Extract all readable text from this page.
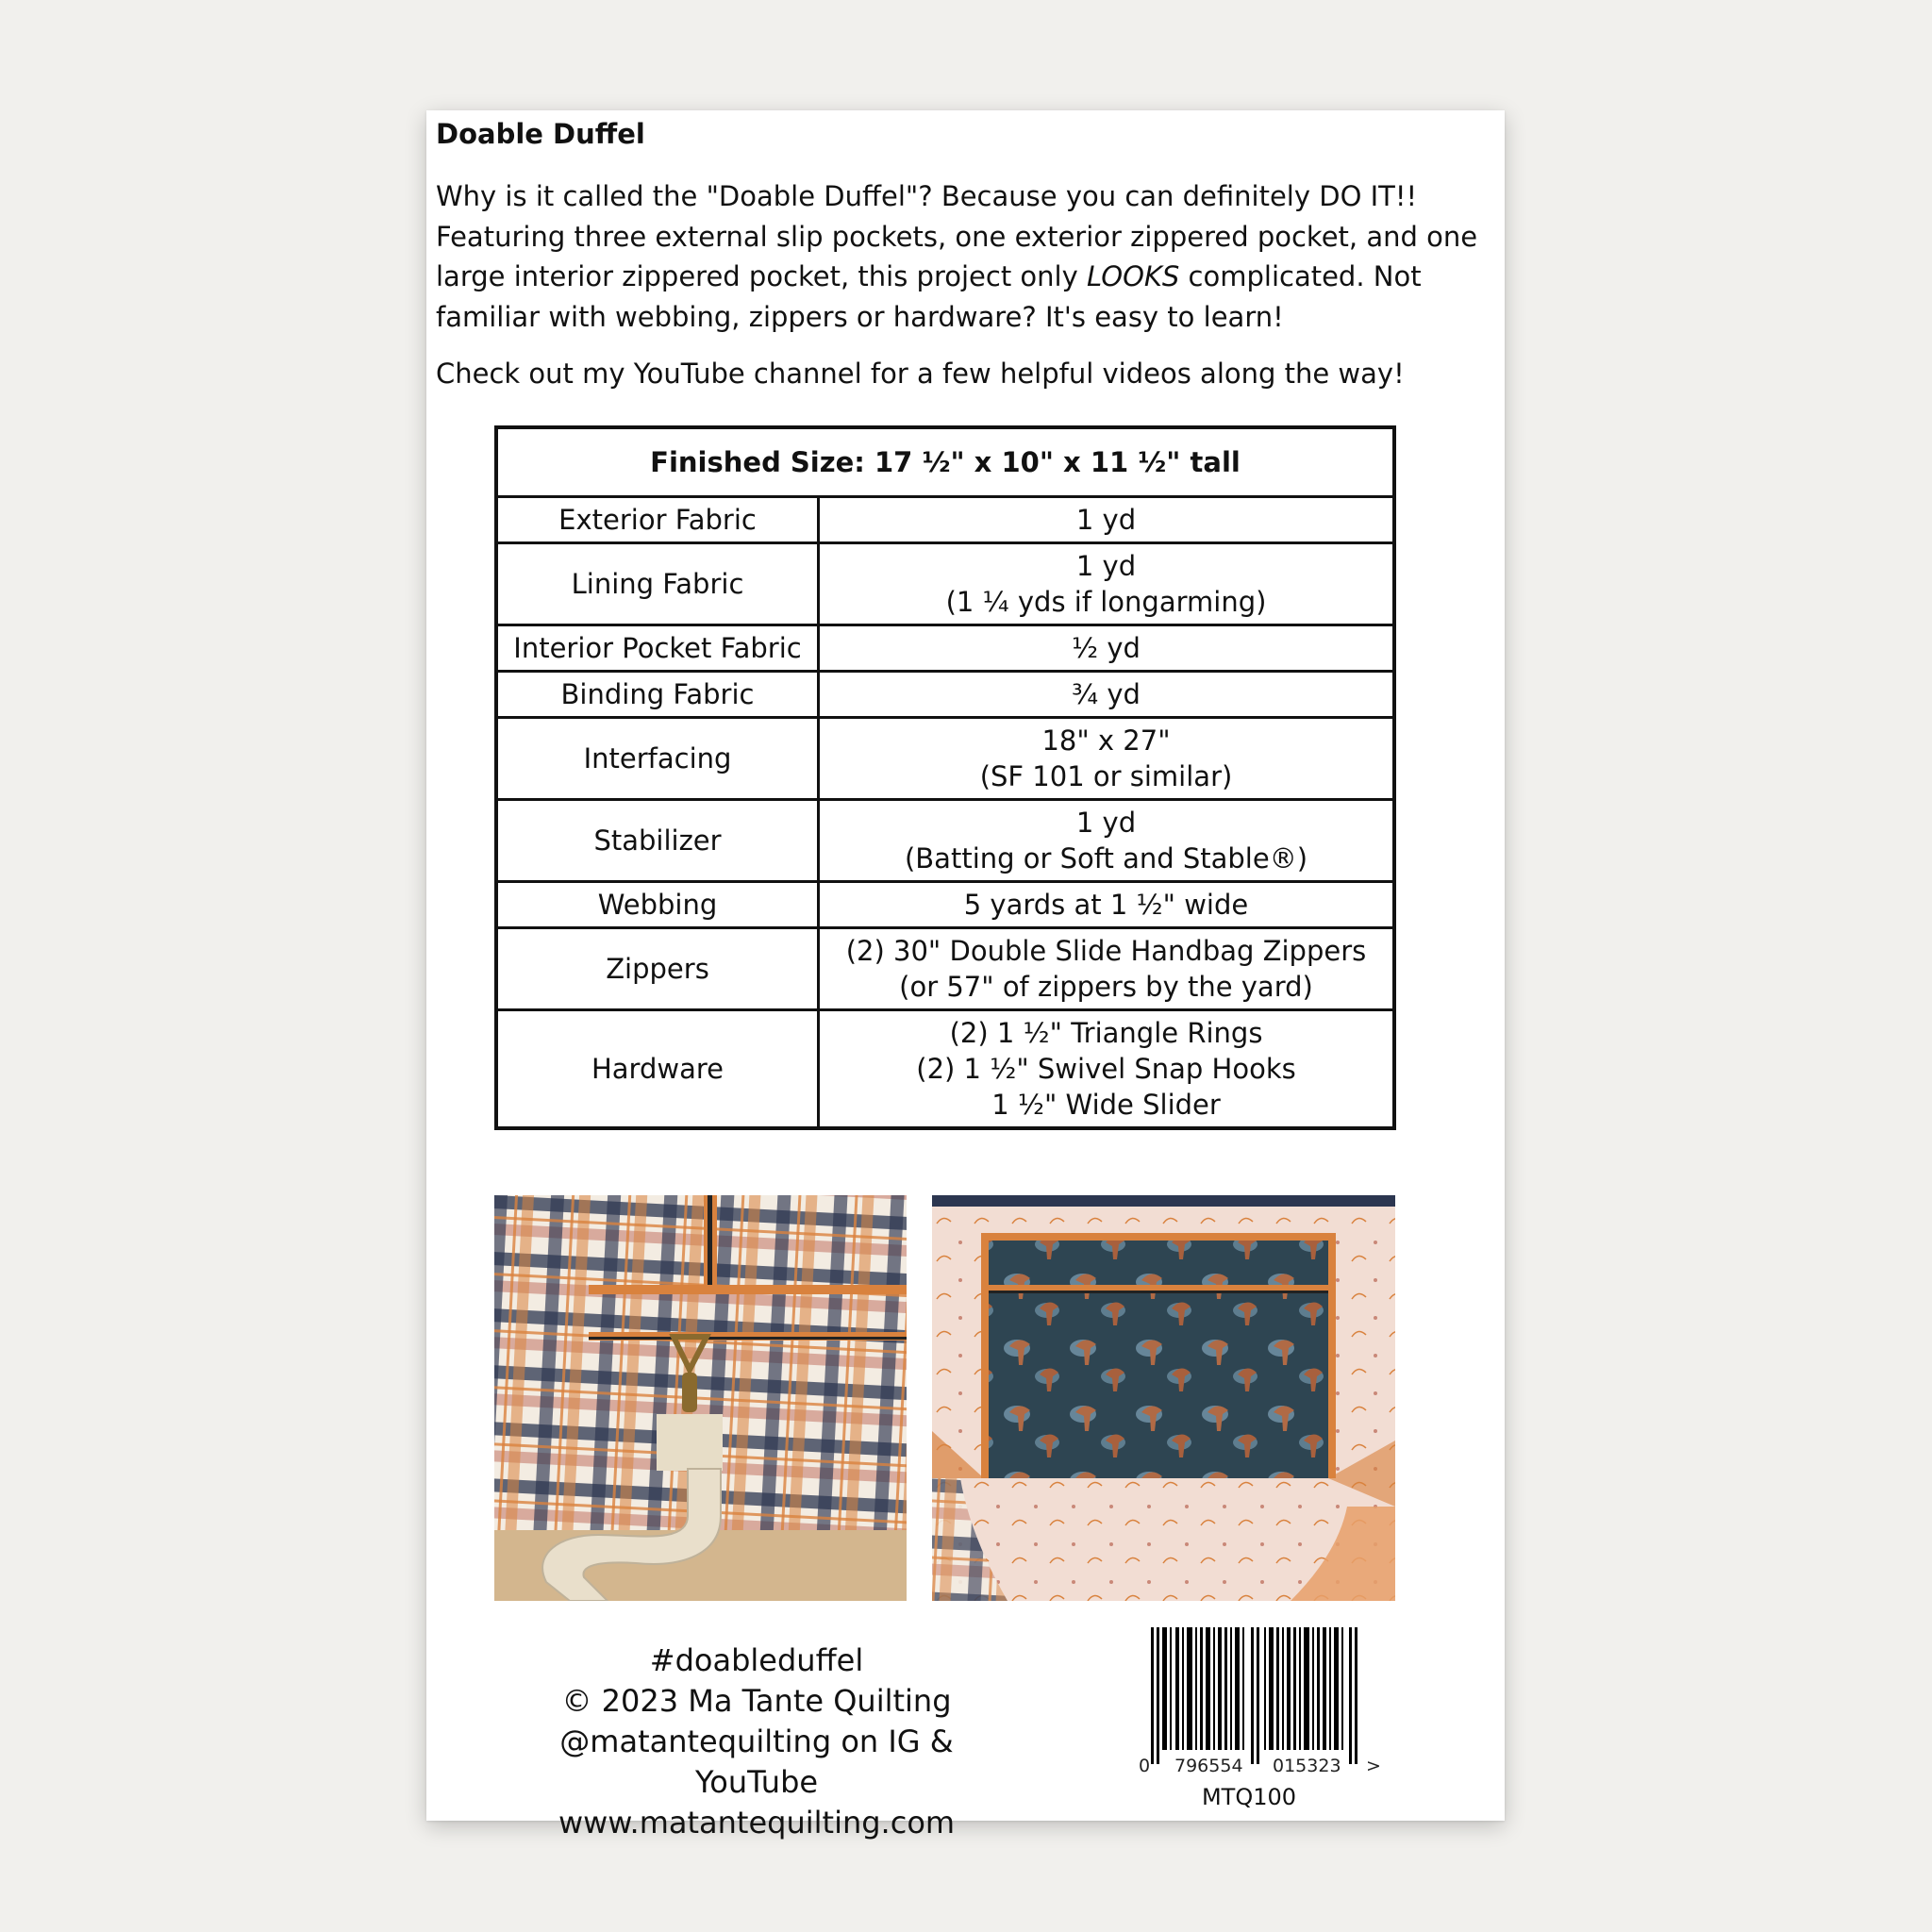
Doable Duffel

Why is it called the "Doable Duffel"? Because you can definitely DO IT!! Featuring three external slip pockets, one exterior zippered pocket, and one large interior zippered pocket, this project only LOOKS complicated. Not familiar with webbing, zippers or hardware? It's easy to learn!

Check out my YouTube channel for a few helpful videos along the way!

Finished Size: 17 ½" x 10" x 11 ½" tall	
Exterior Fabric	1 yd

Lining Fabric	1 yd
(1 ¼ yds if longarming)

Interior Pocket Fabric	½ yd

Binding Fabric	¾ yd

Interfacing	18" x 27"
(SF 101 or similar)

Stabilizer	1 yd
(Batting or Soft and Stable®)

Webbing	5 yards at 1 ½" wide

Zippers	(2) 30" Double Slide Handbag Zippers
(or 57" of zippers by the yard)

Hardware	(2) 1 ½" Triangle Rings
(2) 1 ½" Swivel Snap Hooks
1 ½" Wide Slider
#doableduffel
© 2023 Ma Tante Quilting
@matantequilting on IG & YouTube
www.matantequilting.com
0 796554 015323 >
MTQ100
